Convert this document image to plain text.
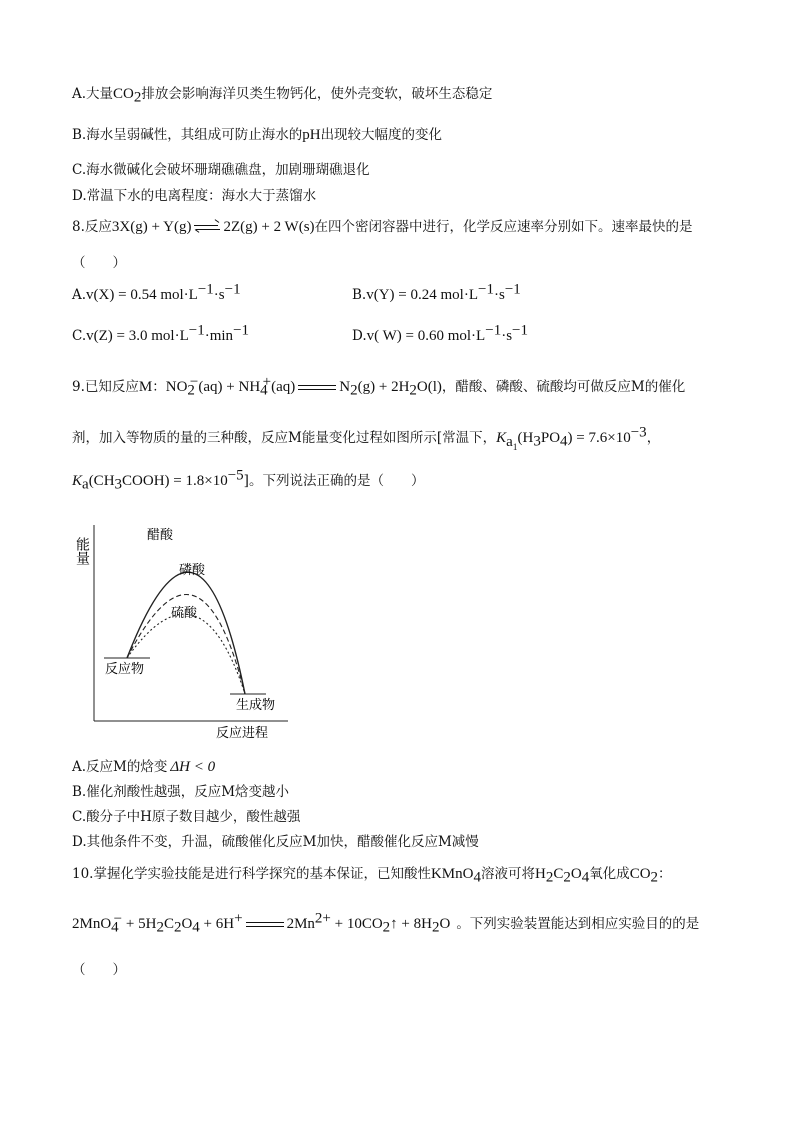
A.大量$CO_2$排放会影响海洋贝类生物钙化，使外壳变软，破坏生态稳定
B.海水呈弱碱性，其组成可防止海水的pH出现较大幅度的变化
C.海水微碱化会破坏珊瑚礁礁盘，加剧珊瑚礁退化
D.常温下水的电离程度：海水大于蒸馏水
8.反应3X(g) + Y(g) 2Z(g) + 2 W(s)在四个密闭容器中进行，化学反应速率分别如下。速率最快的是
（　　）
A.v(X) = 0.54 $mol\cdot L^{-1}\cdot s^{-1}$	B.v(Y) = 0.24 $mol\cdot L^{-1}\cdot s^{-1}$
C.v(Z) = 3.0 $mol\cdot L^{-1}\cdot\min^{-1}$	D.v( W) = 0.60 $mol\cdot L^{-1}\cdot s^{-1}$
9.已知反应M：$NO_2^-(aq) + NH_4^+(aq)$	$N_2(g) + 2H_2O(l)$，醋酸、磷酸、硫酸均可做反应M的催化
剂，加入等物质的量的三种酸，反应M能量变化过程如图所示[常温下，$K_{a_1}(H_3PO_4) = 7.6\times 10^{-3}$，
$K_a(CH_3COOH) = 1.8\times 10^{-5}$]。下列说法正确的是（　　）
能量
反应进程
反应物
生成物
醋酸
磷酸
硫酸
A.反应M的焓变 ΔH < 0
B.催化剂酸性越强，反应M焓变越小
C.酸分子中H原子数目越少，酸性越强
D.其他条件不变，升温，硫酸催化反应M加快，醋酸催化反应M减慢
10.掌握化学实验技能是进行科学探究的基本保证，已知酸性KMnO$_4$溶液可将$H_2C_2O_4$氧化成$CO_2$：
$2MnO_4^- + 5H_2C_2O_4 + 6H^+$	$2Mn^{2+}$ + $10CO_2↑ + 8H_2O$ 。下列实验装置能达到相应实验目的的是
（　　）
